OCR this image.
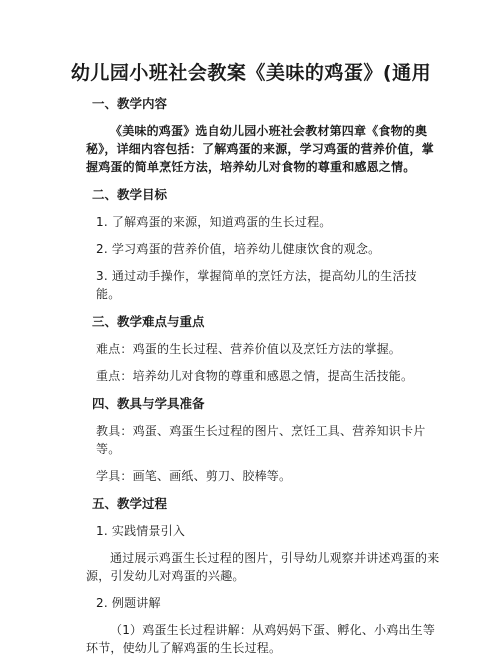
幼儿园小班社会教案《美味的鸡蛋》(通用
一、教学内容
《美味的鸡蛋》选自幼儿园小班社会教材第四章《食物的奥秘》，详细内容包括：了解鸡蛋的来源，学习鸡蛋的营养价值，掌握鸡蛋的简单烹饪方法，培养幼儿对食物的尊重和感恩之情。
二、教学目标
1. 了解鸡蛋的来源，知道鸡蛋的生长过程。
2. 学习鸡蛋的营养价值，培养幼儿健康饮食的观念。
3. 通过动手操作，掌握简单的烹饪方法，提高幼儿的生活技能。
三、教学难点与重点
难点：鸡蛋的生长过程、营养价值以及烹饪方法的掌握。
重点：培养幼儿对食物的尊重和感恩之情，提高生活技能。
四、教具与学具准备
教具：鸡蛋、鸡蛋生长过程的图片、烹饪工具、营养知识卡片等。
学具：画笔、画纸、剪刀、胶棒等。
五、教学过程
1. 实践情景引入
通过展示鸡蛋生长过程的图片，引导幼儿观察并讲述鸡蛋的来源，引发幼儿对鸡蛋的兴趣。
2. 例题讲解
（1）鸡蛋生长过程讲解：从鸡妈妈下蛋、孵化、小鸡出生等环节，使幼儿了解鸡蛋的生长过程。
